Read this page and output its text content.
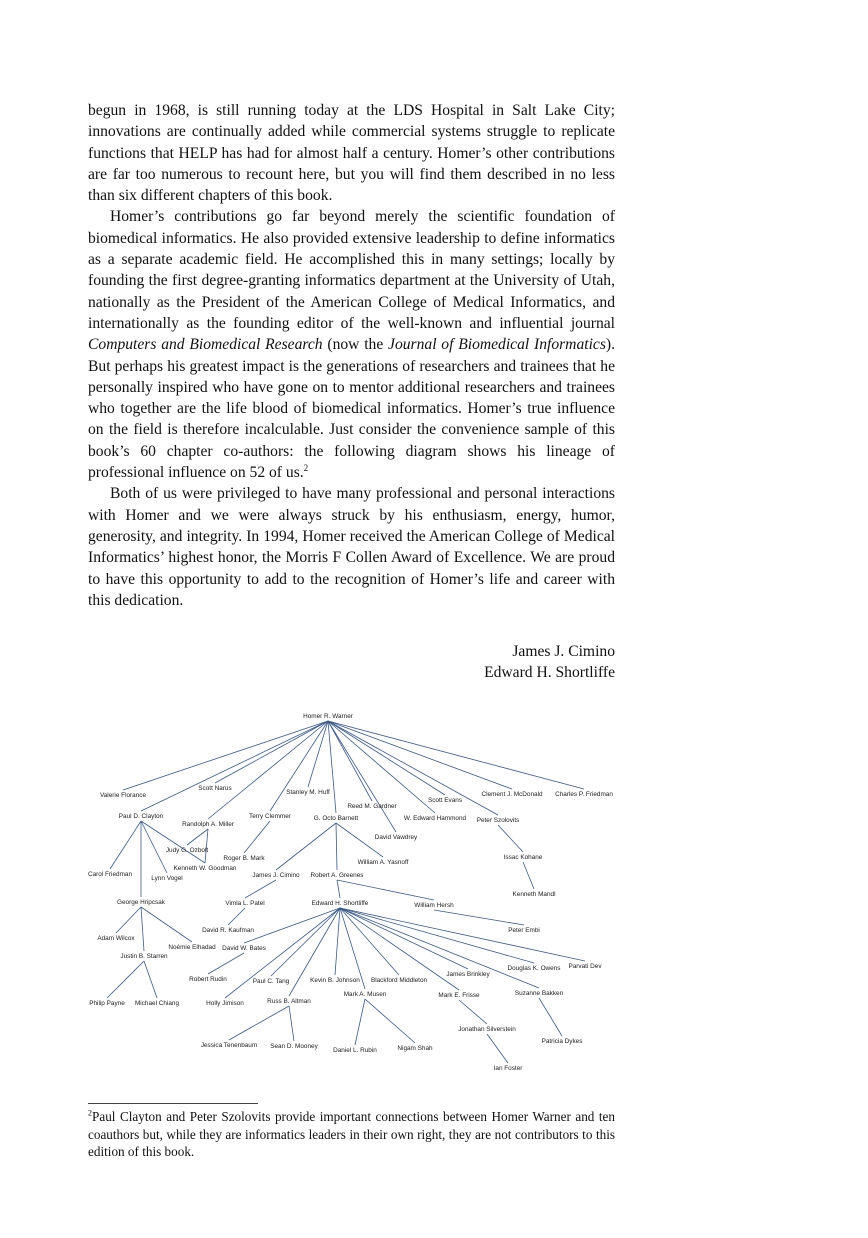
begun in 1968, is still running today at the LDS Hospital in Salt Lake City; innovations are continually added while commercial systems struggle to replicate functions that HELP has had for almost half a century. Homer’s other contributions are far too numerous to recount here, but you will find them described in no less than six different chapters of this book.

Homer’s contributions go far beyond merely the scientific foundation of biomedical informatics. He also provided extensive leadership to define informatics as a separate academic field. He accomplished this in many settings; locally by founding the first degree-granting informatics department at the University of Utah, nationally as the President of the American College of Medical Informatics, and internationally as the founding editor of the well-known and influential journal Computers and Biomedical Research (now the Journal of Biomedical Informatics). But perhaps his greatest impact is the generations of researchers and trainees that he personally inspired who have gone on to mentor additional researchers and trainees who together are the life blood of biomedical informatics. Homer’s true influence on the field is therefore incalculable. Just consider the convenience sample of this book’s 60 chapter co-authors: the following diagram shows his lineage of professional influence on 52 of us.$^2$

Both of us were privileged to have many professional and personal interactions with Homer and we were always struck by his enthusiasm, energy, humor, generosity, and integrity. In 1994, Homer received the American College of Medical Informatics’ highest honor, the Morris F Collen Award of Excellence. We are proud to have this opportunity to add to the recognition of Homer’s life and career with this dedication.

James J. Cimino
Edward H. Shortliffe
Homer R. Warner
Valerie Florance
Scott Narus
Stanley M. Huff
Reed M. Gardner
Scott Evans
Clement J. McDonald Charles P. Friedman
Paul D. Clayton
Randolph A. Miller
Terry Clemmer	G. Octo Barnett	W. Edward Hammond Peter Szolovits
David Vawdrey
Judy G. Ozbolt
Roger B. Mark
William A. Yasnoff
Issac Kohane
Kenneth W. Goodman
Carol Friedman
Lynn Vogel	James J. Cimino Robert A. Greenes
Kenneth Mandl
George Hripcsak	Vimla L. Patel	Edward H. Shortliffe	William Hersh
David R. Kaufman	Peter Embi
Adam Wilcox
Noémie Elhadad David W. Bates
Justin B. Starren
Douglas K. Owens Parvati Dev
James Brinkley
Robert Rudin	Paul C. Tang	Kevin B. Johnson Blackford Middleton
Suzanne Bakken
Philip Payne Michael Chiang	Holly Jimison	Russ B. Altman
Mark A. Musen	Mark E. Frisse
Jonathan Silverstein
Patricia Dykes
Jessica Tenenbaum Sean D. Mooney
Daniel L. Rubin	Nigam Shah
Ian Foster
$^2$Paul Clayton and Peter Szolovits provide important connections between Homer Warner and ten coauthors but, while they are informatics leaders in their own right, they are not contributors to this edition of this book.
